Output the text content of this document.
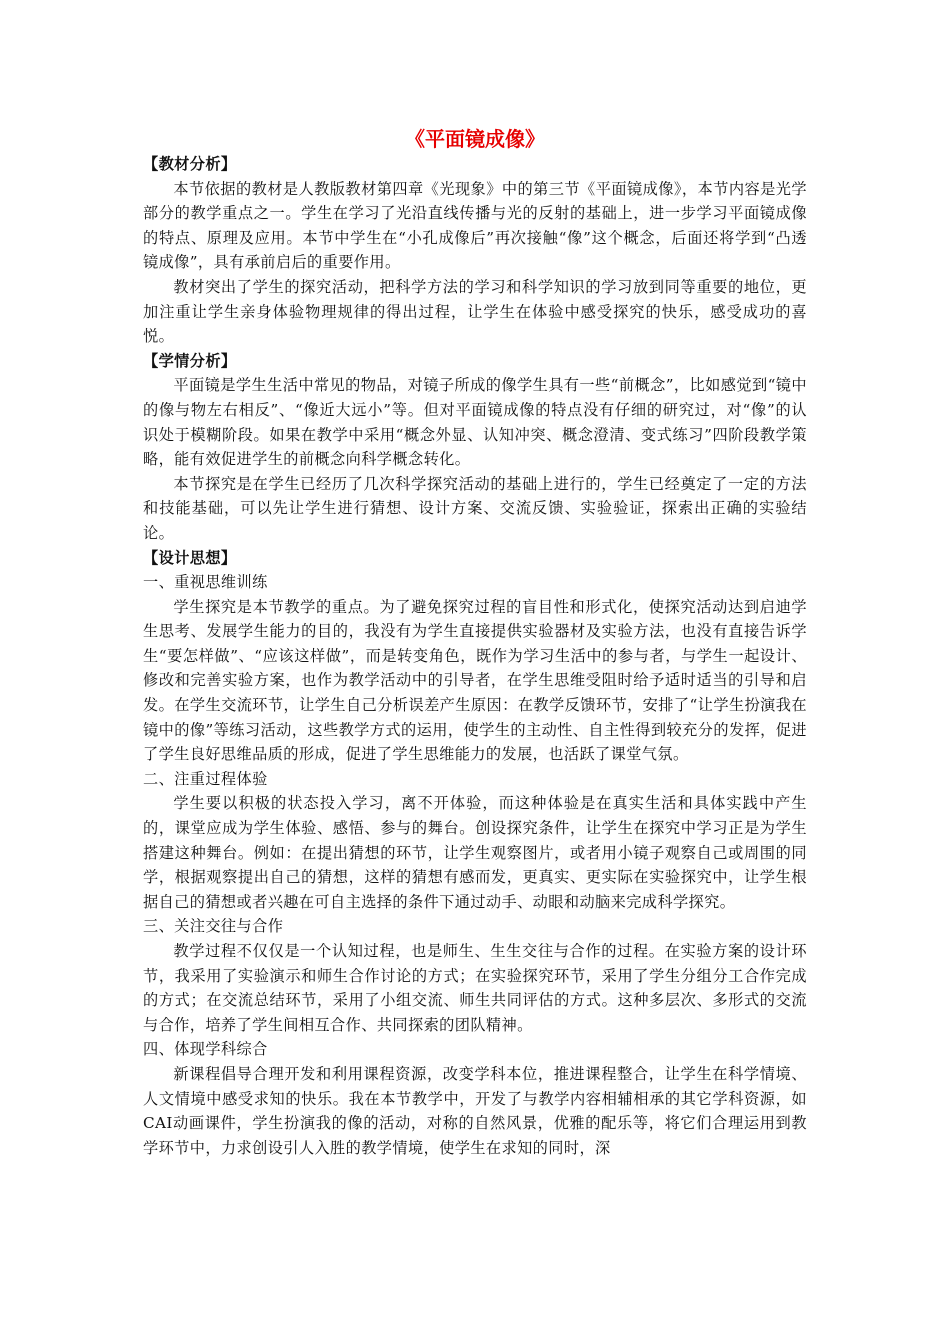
《平面镜成像》
【教材分析】

本节依据的教材是人教版教材第四章《光现象》中的第三节《平面镜成像》，本节内容是光学部分的教学重点之一。学生在学习了光沿直线传播与光的反射的基础上，进一步学习平面镜成像的特点、原理及应用。本节中学生在“小孔成像后”再次接触“像”这个概念，后面还将学到“凸透镜成像”，具有承前启后的重要作用。

教材突出了学生的探究活动，把科学方法的学习和科学知识的学习放到同等重要的地位，更加注重让学生亲身体验物理规律的得出过程，让学生在体验中感受探究的快乐，感受成功的喜悦。

【学情分析】

平面镜是学生生活中常见的物品，对镜子所成的像学生具有一些“前概念”，比如感觉到“镜中的像与物左右相反”、“像近大远小”等。但对平面镜成像的特点没有仔细的研究过，对“像”的认识处于模糊阶段。如果在教学中采用“概念外显、认知冲突、概念澄清、变式练习”四阶段教学策略，能有效促进学生的前概念向科学概念转化。

本节探究是在学生已经历了几次科学探究活动的基础上进行的，学生已经奠定了一定的方法和技能基础，可以先让学生进行猜想、设计方案、交流反馈、实验验证，探索出正确的实验结论。

【设计思想】
一、重视思维训练

学生探究是本节教学的重点。为了避免探究过程的盲目性和形式化，使探究活动达到启迪学生思考、发展学生能力的目的，我没有为学生直接提供实验器材及实验方法，也没有直接告诉学生“要怎样做”、“应该这样做”，而是转变角色，既作为学习生活中的参与者，与学生一起设计、修改和完善实验方案，也作为教学活动中的引导者，在学生思维受阻时给予适时适当的引导和启发。在学生交流环节，让学生自己分析误差产生原因：在教学反馈环节，安排了“让学生扮演我在镜中的像”等练习活动，这些教学方式的运用，使学生的主动性、自主性得到较充分的发挥，促进了学生良好思维品质的形成，促进了学生思维能力的发展，也活跃了课堂气氛。

二、注重过程体验

学生要以积极的状态投入学习，离不开体验，而这种体验是在真实生活和具体实践中产生的，课堂应成为学生体验、感悟、参与的舞台。创设探究条件，让学生在探究中学习正是为学生搭建这种舞台。例如：在提出猜想的环节，让学生观察图片，或者用小镜子观察自己或周围的同学，根据观察提出自己的猜想，这样的猜想有感而发，更真实、更实际在实验探究中，让学生根据自己的猜想或者兴趣在可自主选择的条件下通过动手、动眼和动脑来完成科学探究。

三、关注交往与合作

教学过程不仅仅是一个认知过程，也是师生、生生交往与合作的过程。在实验方案的设计环节，我采用了实验演示和师生合作讨论的方式；在实验探究环节，采用了学生分组分工合作完成的方式；在交流总结环节，采用了小组交流、师生共同评估的方式。这种多层次、多形式的交流与合作，培养了学生间相互合作、共同探索的团队精神。

四、体现学科综合

新课程倡导合理开发和利用课程资源，改变学科本位，推进课程整合，让学生在科学情境、人文情境中感受求知的快乐。我在本节教学中，开发了与教学内容相辅相承的其它学科资源，如CAI动画课件，学生扮演我的像的活动，对称的自然风景，优雅的配乐等，将它们合理运用到教学环节中，力求创设引人入胜的教学情境，使学生在求知的同时，深
